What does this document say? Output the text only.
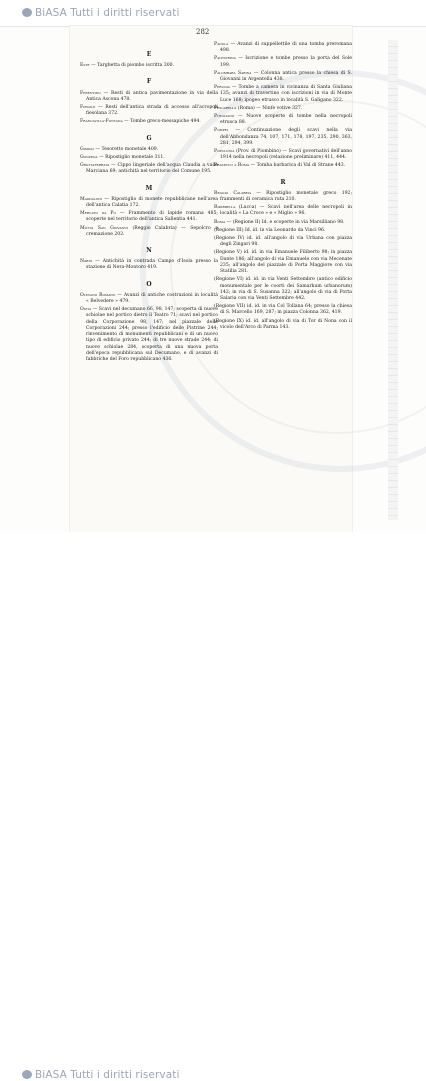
BiASA Tutti i diritti riservati
282
E
Este — Targhetta di piombo iscritta 300.
F
Ferentino — Resti di antica pavimentazione in via della Antica Ascona 478.
Fiesole — Resti dell'antica strada di accesso all'acropoli fiesolana 372.
Francavilla-Fontana — Tombe greco-messapiche 494.
G
Gimigo — Tesoretto monetale 409.
Gonzega — Ripostiglio monetale 311.
Grottaferrata — Cippo lingeriale dell'acqua Claudia a valle Marciana 69; antichità nel territorio del Comune 195.
M
Maddaloni — Ripostiglio di monete repubblicane nell'area dell'antica Calatia 172.
Mercato da Po — Frammento di lapide romana 485; scoperte nel territorio dell'antica Sallentia 441.
Motta San Giovanni (Reggio Calabria) — Sepolcro a cremazione 202.
N
Narni — Antichità in contrada Campo d'Isola presso la stazione di Nera-Montoro 419.
O
Olevano Romano — Avanzi di antiche costruzioni in località « Belvedere » 479.
Ostia — Scavi nel decumano 66, 98, 147; scoperta di nuove schiolae nel portico dietro il Teatro 71; scavi nel portico della Corporazione 98, 147; nel piazzale delle Corporazioni 244; presso l'edificio delle Pistrine 244; rinvenimento di monumenti repubblicani e di un nuovo tipo di edificio privato 244; di tre nuove strade 244; di nuove schiolae 284, scoperta di una nuova porta dell'epoca repubblicana sul Decumano, e di avanzi di fabbriche del Foro repubblicano 436.
Padula — Avanzi di suppellettile di una tomba preromana 498.
Palestrina — Iscrizione e tombe presso la porta del Sole 199.
Palombara Sabina — Colonna antica presso la chiesa di S. Giovanni in Argentella 438.
Perugia — Tombe a camera in vicinanza di Santa Giuliana 135; avanzi di travertino con iscrizioni in via di Monte Luce 168; ipogeo etrusco in località S. Galigano 322.
Pescarella (Roma) — Ninfe votive 327.
Pitigliano — Nuove scoperte di tombe nella necropoli etrusca 88.
Pompei — Continuazione degli scavi nella via dell'Abbondanza 74, 107, 171, 178, 197, 235, 290, 363, 281, 294, 399.
Populonia (Prov. di Piombino) — Scavi governativi dell'anno 1914 nella necropoli (relazione preliminare) 411, 444.
Prasecco a Roma — Tomba barbarica di Val di Strane 443.
R
Reggio Calabria — Ripostiglio monetale greco 192; frammenti di ceramica ruta 210.
Riparbella (Lucca) — Scavi nell'area delle necropoli in località « La Croce » e « Miglio » 96.
Roma — (Regione II) Id. e scoperte in via Marsilliano 98.
(Regione III) Id. id. in via Leonardo da Vinci 96.
(Regione IV) id. id. all'angolo di via Urbana con piazza degli Zingari 98.
(Regione V) id. id. in via Emanuele Filiberto 98; in piazza Dante 186; all'angolo di via Emanuele con via Mecenate 235; all'angolo del piazzale di Porta Maggiore con via Statilia 281.
(Regione VI) id. id. in via Venti Settembre (antico edificio monumentale per le coorti dei Samarkum urbanorum) 142; in via di S. Susanna 322; all'angolo di via di Porta Salaria con via Venti Settembre 442.
(Regione VII) id. id. in via Col Tollana 64; presso la chiesa di S. Marcello 169, 287; in piazza Colonna 362, 419.
(Regione IX) id. id. all'angolo di via di Tor di Nona con il vicolo dell'Arco di Parma 143.
BiASA Tutti i diritti riservati
